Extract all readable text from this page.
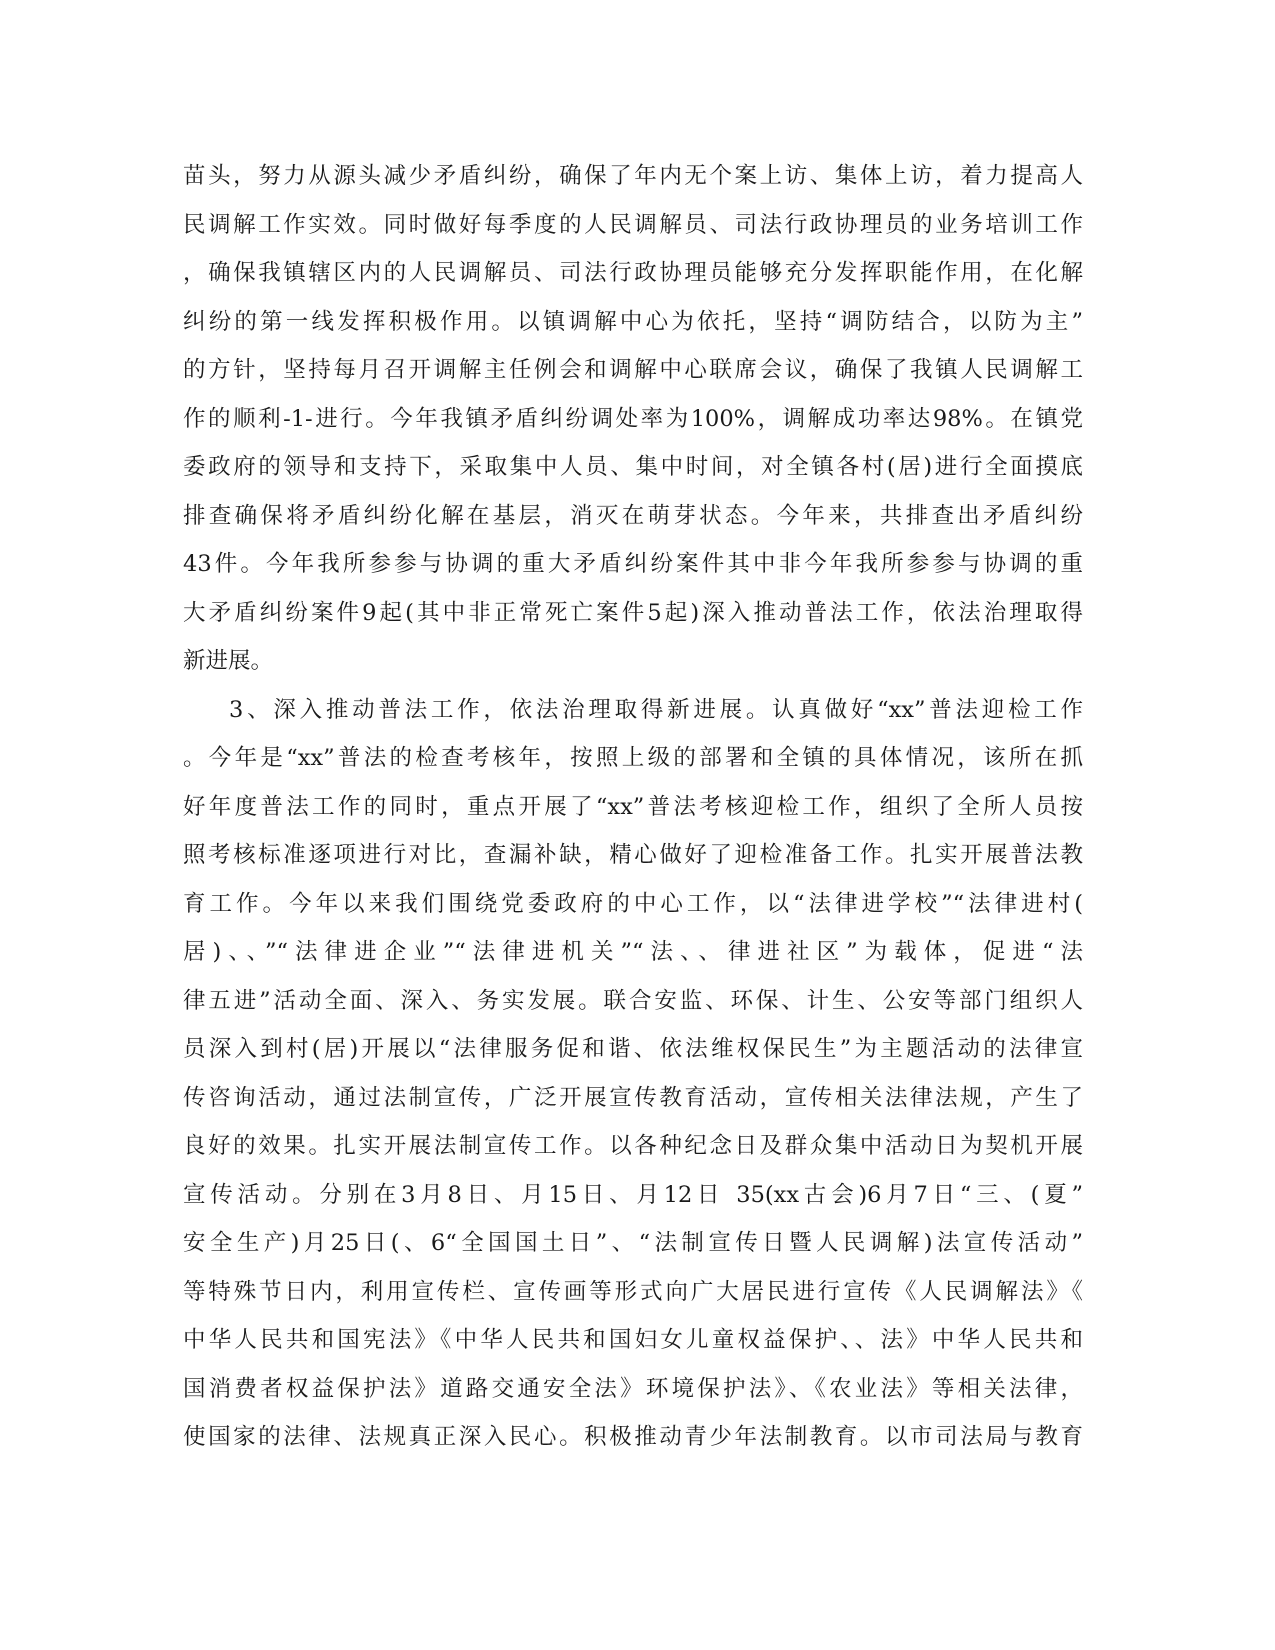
苗头，努力从源头减少矛盾纠纷，确保了年内无个案上访、集体上访，着力提高人
民调解工作实效。同时做好每季度的人民调解员、司法行政协理员的业务培训工作
，确保我镇辖区内的人民调解员、司法行政协理员能够充分发挥职能作用，在化解
纠纷的第一线发挥积极作用。以镇调解中心为依托，坚持“调防结合，以防为主”
的方针，坚持每月召开调解主任例会和调解中心联席会议，确保了我镇人民调解工
作的顺利-1-进行。今年我镇矛盾纠纷调处率为100%，调解成功率达98%。在镇党
委政府的领导和支持下，采取集中人员、集中时间，对全镇各村(居)进行全面摸底
排查确保将矛盾纠纷化解在基层，消灭在萌芽状态。今年来，共排查出矛盾纠纷
43件。今年我所参参与协调的重大矛盾纠纷案件其中非今年我所参参与协调的重
大矛盾纠纷案件9起(其中非正常死亡案件5起)深入推动普法工作，依法治理取得
新进展。
3、深入推动普法工作，依法治理取得新进展。认真做好“xx”普法迎检工作
。今年是“xx”普法的检查考核年，按照上级的部署和全镇的具体情况，该所在抓
好年度普法工作的同时，重点开展了“xx”普法考核迎检工作，组织了全所人员按
照考核标准逐项进行对比，查漏补缺，精心做好了迎检准备工作。扎实开展普法教
育工作。今年以来我们围绕党委政府的中心工作，以“法律进学校”“法律进村(
居)、、”“法律进企业”“法律进机关”“法、、律进社区”为载体，促进“法
律五进”活动全面、深入、务实发展。联合安监、环保、计生、公安等部门组织人
员深入到村(居)开展以“法律服务促和谐、依法维权保民生”为主题活动的法律宣
传咨询活动，通过法制宣传，广泛开展宣传教育活动，宣传相关法律法规，产生了
良好的效果。扎实开展法制宣传工作。以各种纪念日及群众集中活动日为契机开展
宣传活动。分别在3月8日、月15日、月12日 35(xx古会)6月7日“三、(夏”
安全生产)月25日(、6“全国国土日”、“法制宣传日暨人民调解)法宣传活动”
等特殊节日内，利用宣传栏、宣传画等形式向广大居民进行宣传《人民调解法》《
中华人民共和国宪法》《中华人民共和国妇女儿童权益保护、、法》中华人民共和
国消费者权益保护法》道路交通安全法》环境保护法》、《农业法》等相关法律，
使国家的法律、法规真正深入民心。积极推动青少年法制教育。以市司法局与教育
